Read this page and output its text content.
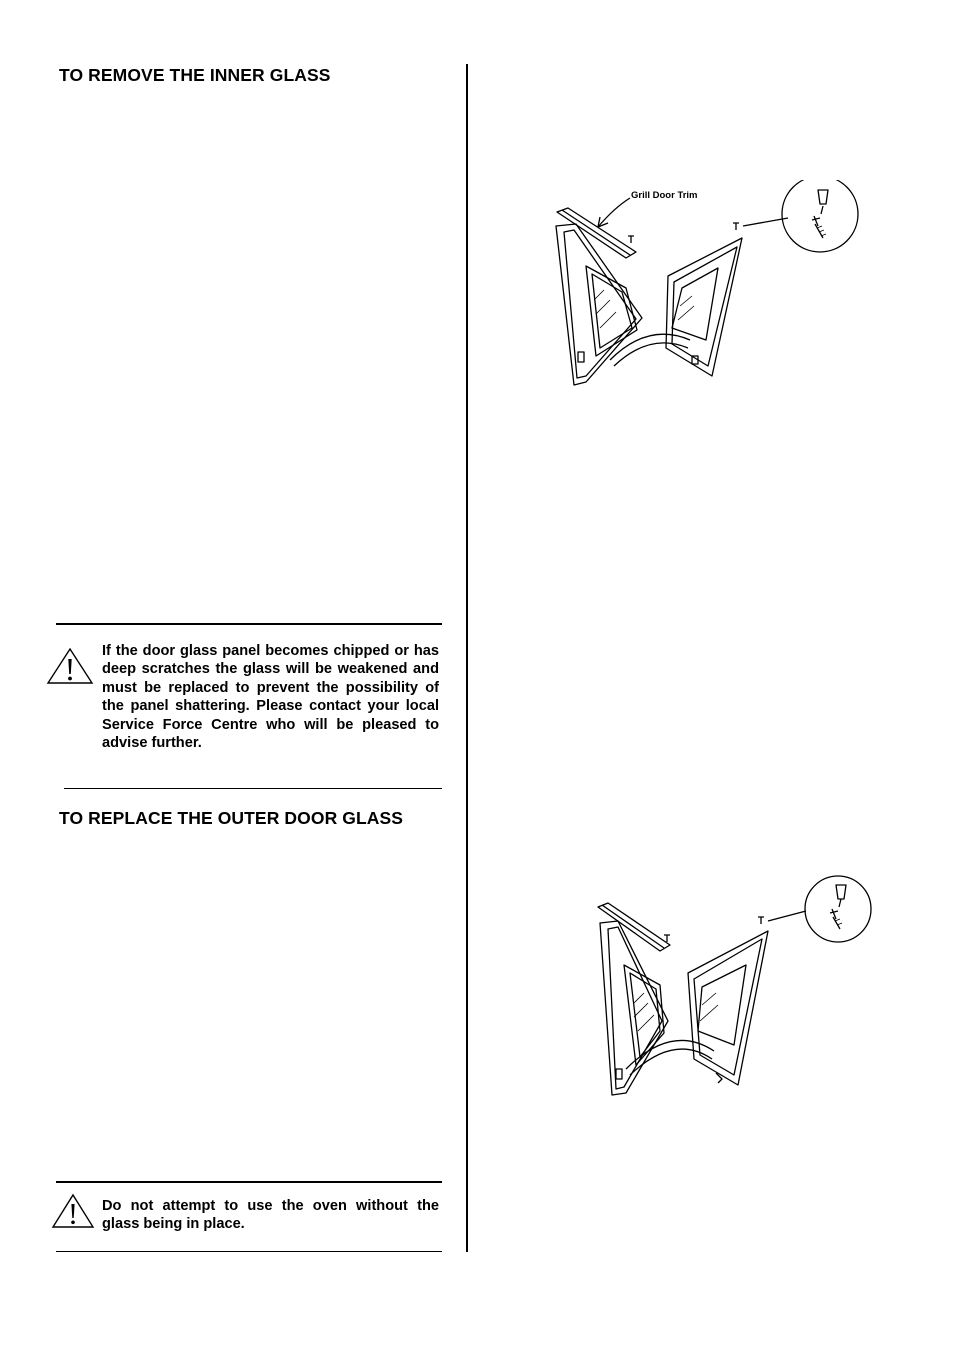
TO REMOVE THE INNER GLASS

If the door glass panel becomes chipped or has deep scratches the glass will be weakened and must be replaced to prevent the possibility of the panel shattering. Please contact your local Service Force Centre who will be pleased to advise further.

TO REPLACE THE OUTER DOOR GLASS

Do not attempt to use the oven without the glass being in place.

Grill Door Trim
